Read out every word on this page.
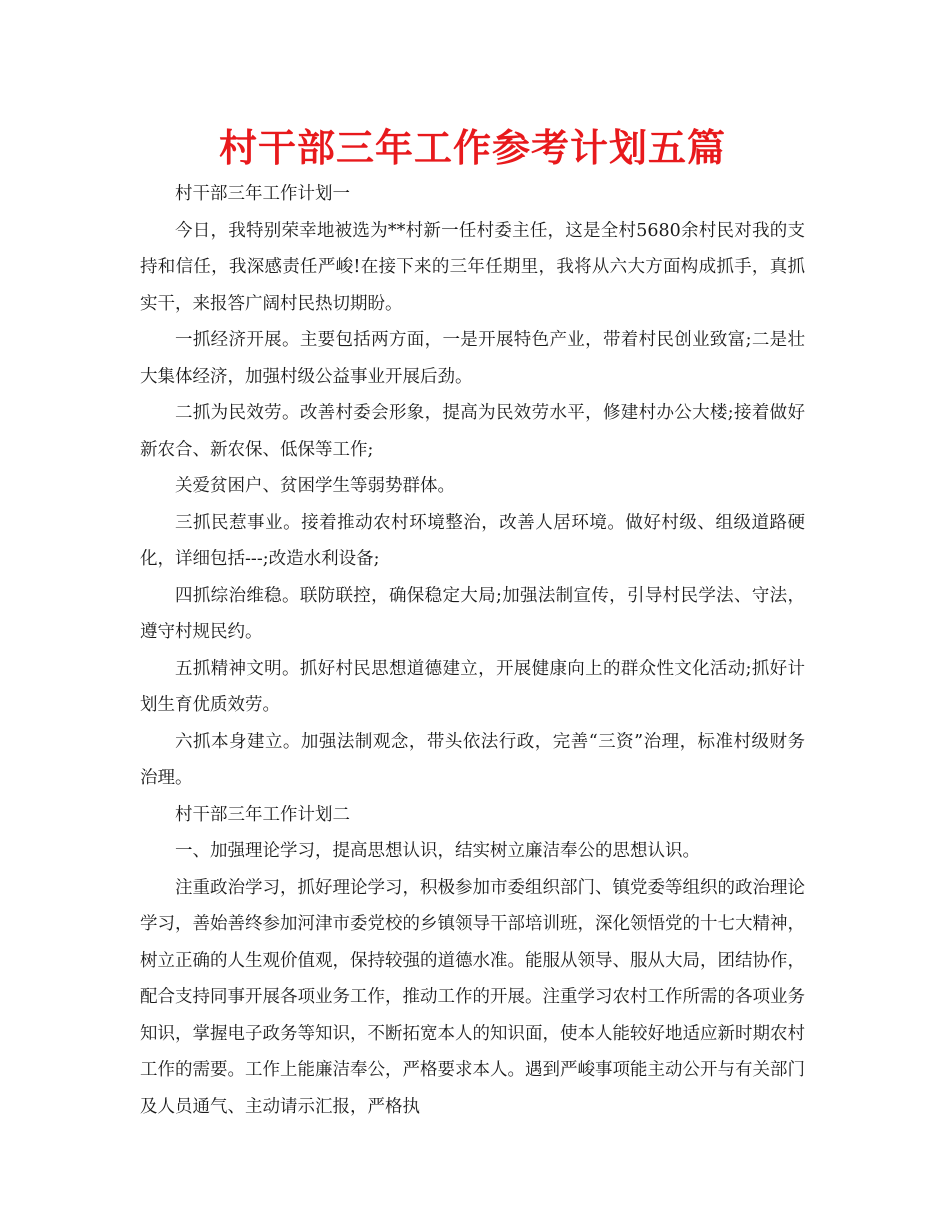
村干部三年工作参考计划五篇

村干部三年工作计划一

今日，我特别荣幸地被选为**村新一任村委主任，这是全村5680余村民对我的支持和信任，我深感责任严峻!在接下来的三年任期里，我将从六大方面构成抓手，真抓实干，来报答广阔村民热切期盼。

一抓经济开展。主要包括两方面，一是开展特色产业，带着村民创业致富;二是壮大集体经济，加强村级公益事业开展后劲。

二抓为民效劳。改善村委会形象，提高为民效劳水平，修建村办公大楼;接着做好新农合、新农保、低保等工作;

关爱贫困户、贫困学生等弱势群体。

三抓民惹事业。接着推动农村环境整治，改善人居环境。做好村级、组级道路硬化，详细包括---;改造水利设备;

四抓综治维稳。联防联控，确保稳定大局;加强法制宣传，引导村民学法、守法，遵守村规民约。

五抓精神文明。抓好村民思想道德建立，开展健康向上的群众性文化活动;抓好计划生育优质效劳。

六抓本身建立。加强法制观念，带头依法行政，完善“三资”治理，标准村级财务治理。

村干部三年工作计划二

一、加强理论学习，提高思想认识，结实树立廉洁奉公的思想认识。

注重政治学习，抓好理论学习，积极参加市委组织部门、镇党委等组织的政治理论学习，善始善终参加河津市委党校的乡镇领导干部培训班，深化领悟党的十七大精神，树立正确的人生观价值观，保持较强的道德水准。能服从领导、服从大局，团结协作，配合支持同事开展各项业务工作，推动工作的开展。注重学习农村工作所需的各项业务知识，掌握电子政务等知识，不断拓宽本人的知识面，使本人能较好地适应新时期农村工作的需要。工作上能廉洁奉公，严格要求本人。遇到严峻事项能主动公开与有关部门及人员通气、主动请示汇报，严格执
